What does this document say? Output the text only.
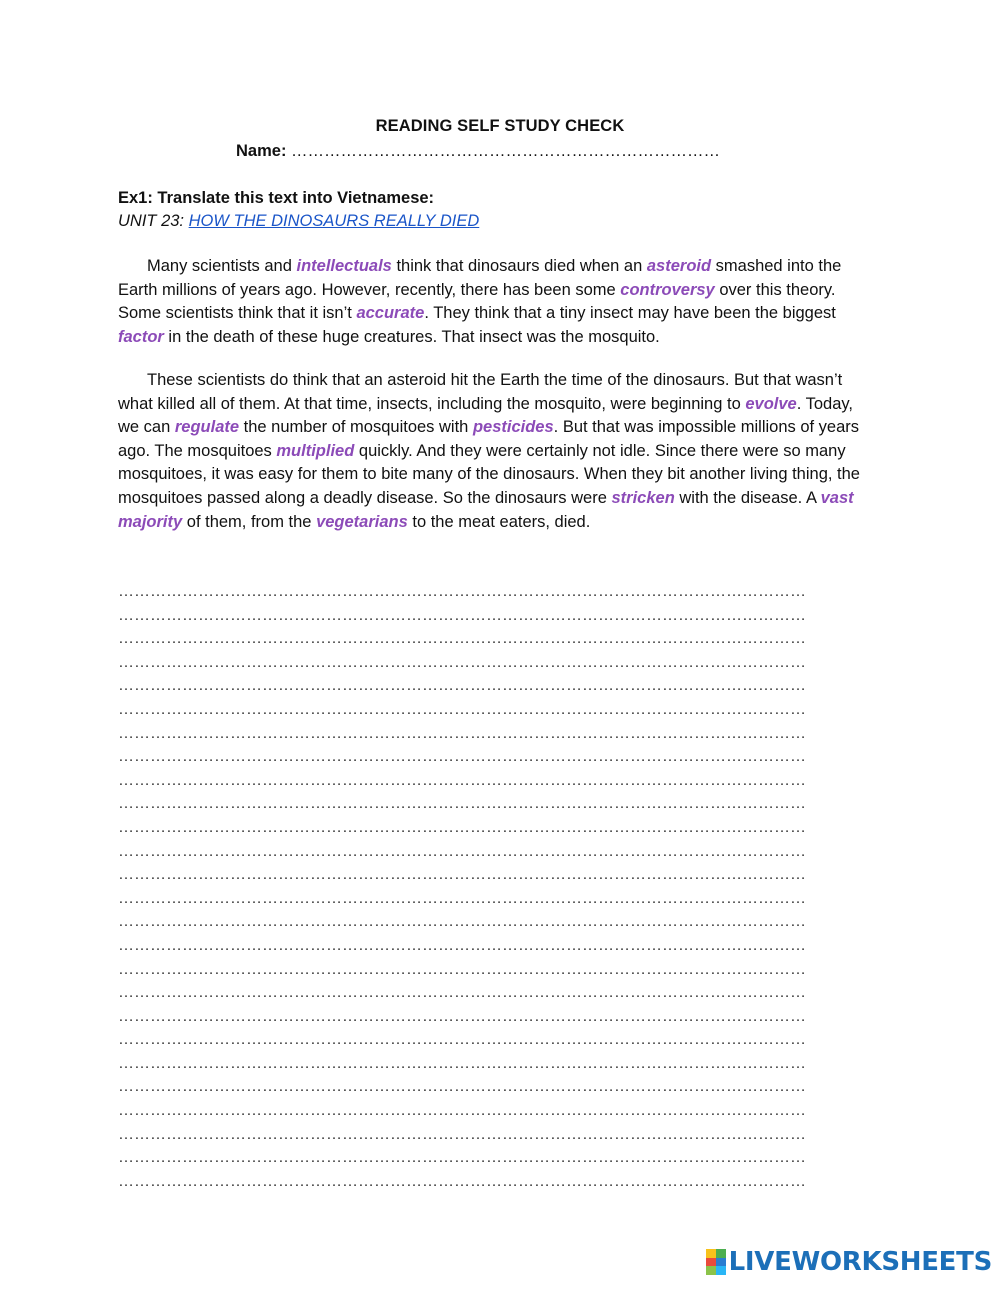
READING SELF STUDY CHECK
Name: ……………………………………………………………………
Ex1: Translate this text into Vietnamese:
UNIT 23: HOW THE DINOSAURS REALLY DIED

Many scientists and intellectuals think that dinosaurs died when an asteroid smashed into the Earth millions of years ago. However, recently, there has been some controversy over this theory. Some scientists think that it isn’t accurate. They think that a tiny insect may have been the biggest factor in the death of these huge creatures. That insect was the mosquito.

These scientists do think that an asteroid hit the Earth the time of the dinosaurs. But that wasn’t what killed all of them. At that time, insects, including the mosquito, were beginning to evolve. Today, we can regulate the number of mosquitoes with pesticides. But that was impossible millions of years ago. The mosquitoes multiplied quickly. And they were certainly not idle. Since there were so many mosquitoes, it was easy for them to bite many of the dinosaurs. When they bit another living thing, the mosquitoes passed along a deadly disease. So the dinosaurs were stricken with the disease. A vast majority of them, from the vegetarians to the meat eaters, died.

…………………………………………………………………………………………………………………
…………………………………………………………………………………………………………………
…………………………………………………………………………………………………………………
…………………………………………………………………………………………………………………
…………………………………………………………………………………………………………………
…………………………………………………………………………………………………………………
…………………………………………………………………………………………………………………
…………………………………………………………………………………………………………………
…………………………………………………………………………………………………………………
…………………………………………………………………………………………………………………
…………………………………………………………………………………………………………………
…………………………………………………………………………………………………………………
…………………………………………………………………………………………………………………
…………………………………………………………………………………………………………………
…………………………………………………………………………………………………………………
…………………………………………………………………………………………………………………
…………………………………………………………………………………………………………………
…………………………………………………………………………………………………………………
…………………………………………………………………………………………………………………
…………………………………………………………………………………………………………………
…………………………………………………………………………………………………………………
…………………………………………………………………………………………………………………
…………………………………………………………………………………………………………………
…………………………………………………………………………………………………………………
…………………………………………………………………………………………………………………
…………………………………………………………………………………………………………………
LIVEWORKSHEETS
